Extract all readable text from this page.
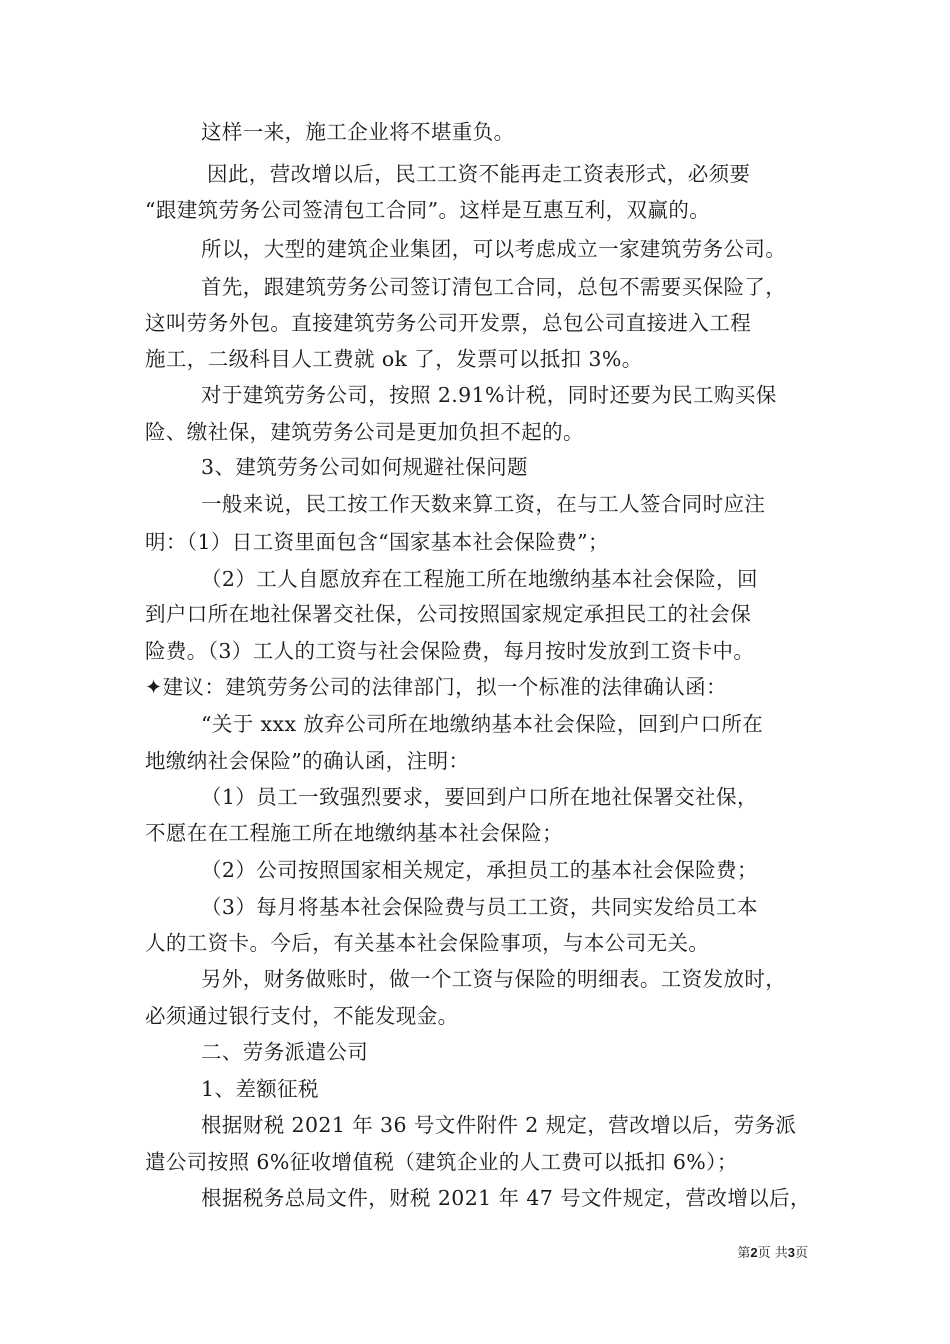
这样一来，施工企业将不堪重负。
因此，营改增以后，民工工资不能再走工资表形式，必须要
“跟建筑劳务公司签清包工合同”。这样是互惠互利，双赢的。
所以，大型的建筑企业集团，可以考虑成立一家建筑劳务公司。
首先，跟建筑劳务公司签订清包工合同，总包不需要买保险了，
这叫劳务外包。直接建筑劳务公司开发票，总包公司直接进入工程
施工，二级科目人工费就 ok 了，发票可以抵扣 3%。
对于建筑劳务公司，按照 2.91%计税，同时还要为民工购买保
险、缴社保，建筑劳务公司是更加负担不起的。
3、建筑劳务公司如何规避社保问题
一般来说，民工按工作天数来算工资，在与工人签合同时应注
明：（1）日工资里面包含“国家基本社会保险费”；
（2）工人自愿放弃在工程施工所在地缴纳基本社会保险，回
到户口所在地社保署交社保，公司按照国家规定承担民工的社会保
险费。（3）工人的工资与社会保险费，每月按时发放到工资卡中。
✦建议：建筑劳务公司的法律部门，拟一个标准的法律确认函：
“关于 xxx 放弃公司所在地缴纳基本社会保险，回到户口所在
地缴纳社会保险”的确认函，注明：
（1）员工一致强烈要求，要回到户口所在地社保署交社保，
不愿在在工程施工所在地缴纳基本社会保险；
（2）公司按照国家相关规定，承担员工的基本社会保险费；
（3）每月将基本社会保险费与员工工资，共同实发给员工本
人的工资卡。今后，有关基本社会保险事项，与本公司无关。
另外，财务做账时，做一个工资与保险的明细表。工资发放时，
必须通过银行支付，不能发现金。
二、劳务派遣公司
1、差额征税
根据财税 2021 年 36 号文件附件 2 规定，营改增以后，劳务派
遣公司按照 6%征收增值税（建筑企业的人工费可以抵扣 6%）；
根据税务总局文件，财税 2021 年 47 号文件规定，营改增以后，
第2页 共3页
